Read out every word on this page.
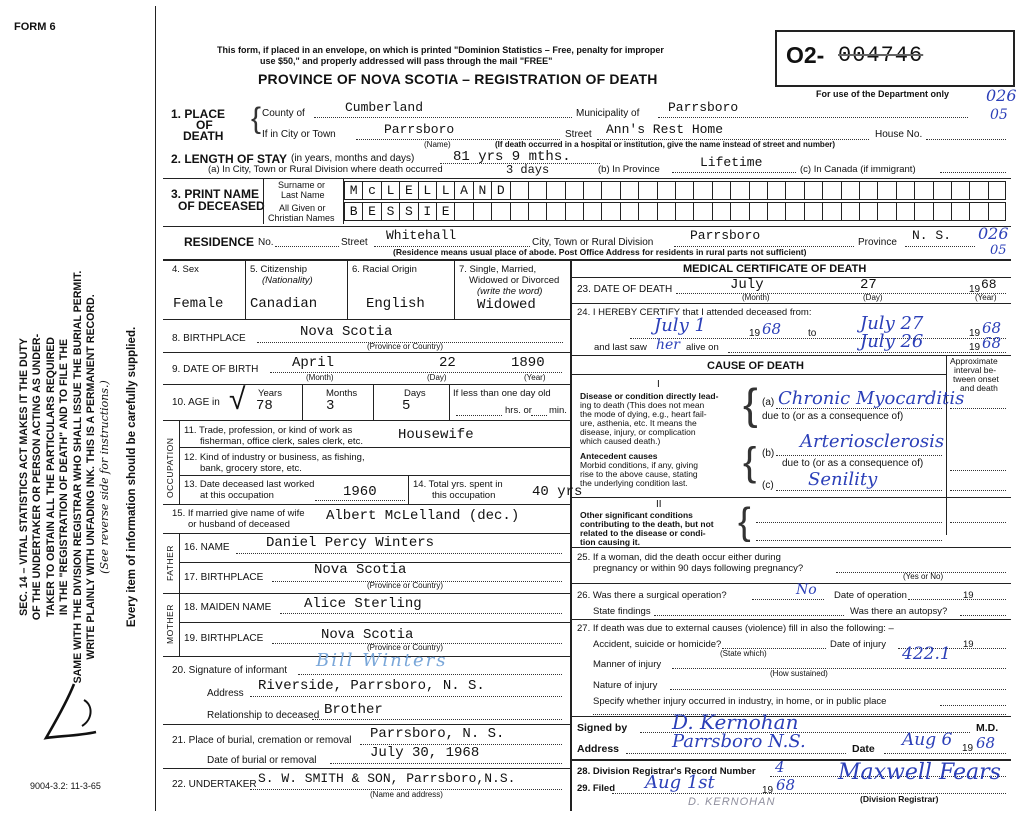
FORM 6
SEC. 14 – VITAL STATISTICS ACT MAKES IT THE DUTY OF THE UNDERTAKER OR PERSON ACTING AS UNDER- TAKER TO OBTAIN ALL THE PARTICULARS REQUIRED IN THE "REGISTRATION OF DEATH" AND TO FILE THE SAME WITH THE DIVISION REGISTRAR WHO SHALL ISSUE THE BURIAL PERMIT. WRITE PLAINLY WITH UNFADING INK. THIS IS A PERMANENT RECORD. (See reverse side for instructions.) Every item of information should be carefully supplied.
9004-3.2: 11-3-65
This form, if placed in an envelope, on which is printed "Dominion Statistics – Free, penalty for improper
use $50," and properly addressed will pass through the mail "FREE"
PROVINCE OF NOVA SCOTIA – REGISTRATION OF DEATH
O2- 004746
For use of the Department only 026
05
1. PLACE
OF
DEATH
{ County of	Cumberland	Municipality of Parrsboro
If in City or Town	Parrsboro
(Name)
Street Ann's Rest Home	House No.
(If death occurred in a hospital or institution, give the name instead of street and number)
2. LENGTH OF STAY (in years, months and days)	81 yrs 9 mths.
(a) In City, Town or Rural Division where death occurred	3 days	(b) In Province	Lifetime	(c) In Canada (if immigrant)
3. PRINT NAME
OF DECEASED
Surname or
Last Name
All Given or
Christian Names
M c L E L L A N D
B E S S I E
RESIDENCE No.	Street Whitehall	City, Town or Rural Division	Parrsboro	Province N. S. 026
05
(Residence means usual place of abode. Post Office Address for residents in rural parts not sufficient)
4. Sex
Female
5. Citizenship
(Nationality)
Canadian
6. Racial Origin
English
7. Single, Married,
Widowed or Divorced
(write the word)
Widowed
8. BIRTHPLACE	Nova Scotia
(Province or Country)
9. DATE OF BIRTH April	22	1890
(Month)	(Day)	(Year)
10. AGE in √ Years
78
Months
3
Days
5
If less than one day old
hrs. or min.
OCCUPATION
11. Trade, profession, or kind of work as
fisherman, office clerk, sales clerk, etc.	Housewife
12. Kind of industry or business, as fishing,
bank, grocery store, etc.
13. Date deceased last worked
at this occupation	1960	14. Total yrs. spent in
this occupation	40 yrs
15. If married give name of wife
or husband of deceased
Albert McLelland (dec.)
FATHER 16. NAME	Daniel Percy Winters
17. BIRTHPLACE	Nova Scotia
(Province or Country)
MOTHER 18. MAIDEN NAME Alice Sterling
19. BIRTHPLACE	Nova Scotia
(Province or Country)
20. Signature of informant Bill Winters
Address Riverside, Parrsboro, N. S.
Relationship to deceased Brother
21. Place of burial, cremation or removal Parrsboro, N. S.
Date of burial or removal	July 30, 1968
22. UNDERTAKER S. W. SMITH & SON, Parrsboro,N.S.
(Name and address)
MEDICAL CERTIFICATE OF DEATH
23. DATE OF DEATH	July	27	19 68
(Month)	(Day)	(Year)
24. I HEREBY CERTIFY that I attended deceased from:
July 1	19 68	to July 27	19 68
and last saw her alive on	July 26	19 68
CAUSE OF DEATH	Approximate
interval be-
tween onset
and death
I
Disease or condition directly lead-
ing to death (This does not mean
the mode of dying, e.g., heart fail-
ure, asthenia, etc. It means the
disease, injury, or complication
which caused death.)
{ (a) Chronic Myocarditis
due to (or as a consequence of)
Antecedent causes
Morbid conditions, if any, giving
rise to the above cause, stating
the underlying condition last. { (b)
Arteriosclerosis
due to (or as a consequence of)
(c) Senility
II
Other significant conditions
contributing to the death, but not
related to the disease or condi-
tion causing it.	{
25. If a woman, did the death occur either during
pregnancy or within 90 days following pregnancy?
(Yes or No)
26. Was there a surgical operation?	No Date of operation	19
State findings	Was there an autopsy?
27. If death was due to external causes (violence) fill in also the following: –
Accident, suicide or homicide?	Date of injury	19
(State which)	422.1
Manner of injury
(How sustained)
Nature of injury
Specify whether injury occurred in industry, in home, or in public place
Signed by D. Kernohan	M.D.
Address	Parrsboro N.S.	Date Aug 6 19 68
28. Division Registrar's Record Number 4
29. Filed Aug 1st	19 68 Maxwell Fears
(Division Registrar)
D. KERNOHAN
